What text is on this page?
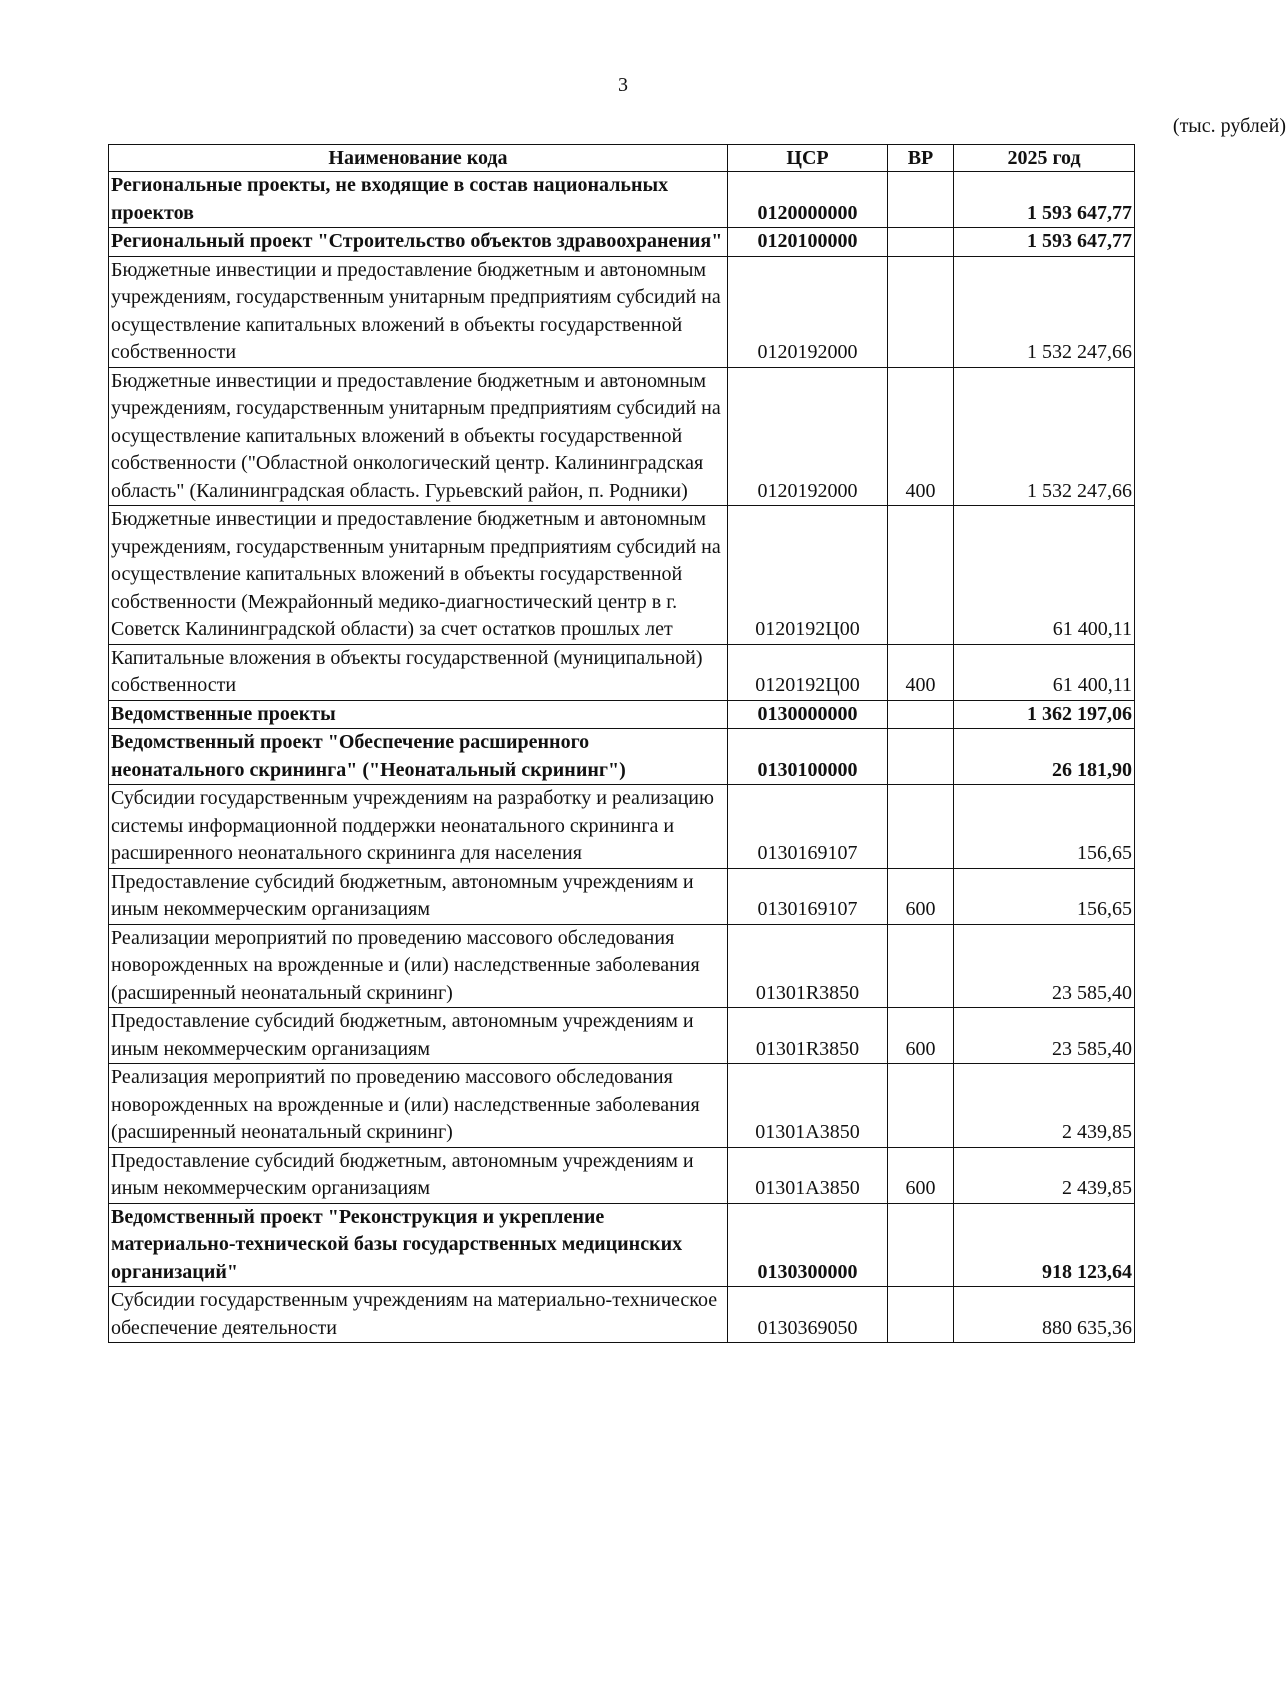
3
(тыс. рублей)
Наименование кода	ЦСР	ВР	2025 год
Региональные проекты, не входящие в состав национальных проектов	0120000000		1 593 647,77
Региональный проект "Строительство объектов здравоохранения"	0120100000		1 593 647,77
Бюджетные инвестиции и предоставление бюджетным и автономным учреждениям, государственным унитарным предприятиям субсидий на осуществление капитальных вложений в объекты государственной собственности	0120192000		1 532 247,66
Бюджетные инвестиции и предоставление бюджетным и автономным учреждениям, государственным унитарным предприятиям субсидий на осуществление капитальных вложений в объекты государственной собственности ("Областной онкологический центр. Калининградская область" (Калининградская область. Гурьевский район, п. Родники)	0120192000	400	1 532 247,66
Бюджетные инвестиции и предоставление бюджетным и автономным учреждениям, государственным унитарным предприятиям субсидий на осуществление капитальных вложений в объекты государственной собственности (Межрайонный медико-диагностический центр в г. Советск Калининградской области) за счет остатков прошлых лет	0120192Ц00		61 400,11
Капитальные вложения в объекты государственной (муниципальной) собственности	0120192Ц00	400	61 400,11
Ведомственные проекты	0130000000		1 362 197,06
Ведомственный проект "Обеспечение расширенного неонатального скрининга" ("Неонатальный скрининг")	0130100000		26 181,90
Субсидии государственным учреждениям на разработку и реализацию системы информационной поддержки неонатального скрининга и расширенного неонатального скрининга для населения	0130169107		156,65
Предоставление субсидий бюджетным, автономным учреждениям и иным некоммерческим организациям	0130169107	600	156,65
Реализации мероприятий по проведению массового обследования новорожденных на врожденные и (или) наследственные заболевания (расширенный неонатальный скрининг)	01301R3850		23 585,40
Предоставление субсидий бюджетным, автономным учреждениям и иным некоммерческим организациям	01301R3850	600	23 585,40
Реализация мероприятий по проведению массового обследования новорожденных на врожденные и (или) наследственные заболевания (расширенный неонатальный скрининг)	01301А3850		2 439,85
Предоставление субсидий бюджетным, автономным учреждениям и иным некоммерческим организациям	01301А3850	600	2 439,85
Ведомственный проект "Реконструкция и укрепление материально-технической базы государственных медицинских организаций"	0130300000		918 123,64
Субсидии государственным учреждениям на материально-техническое обеспечение деятельности	0130369050		880 635,36
